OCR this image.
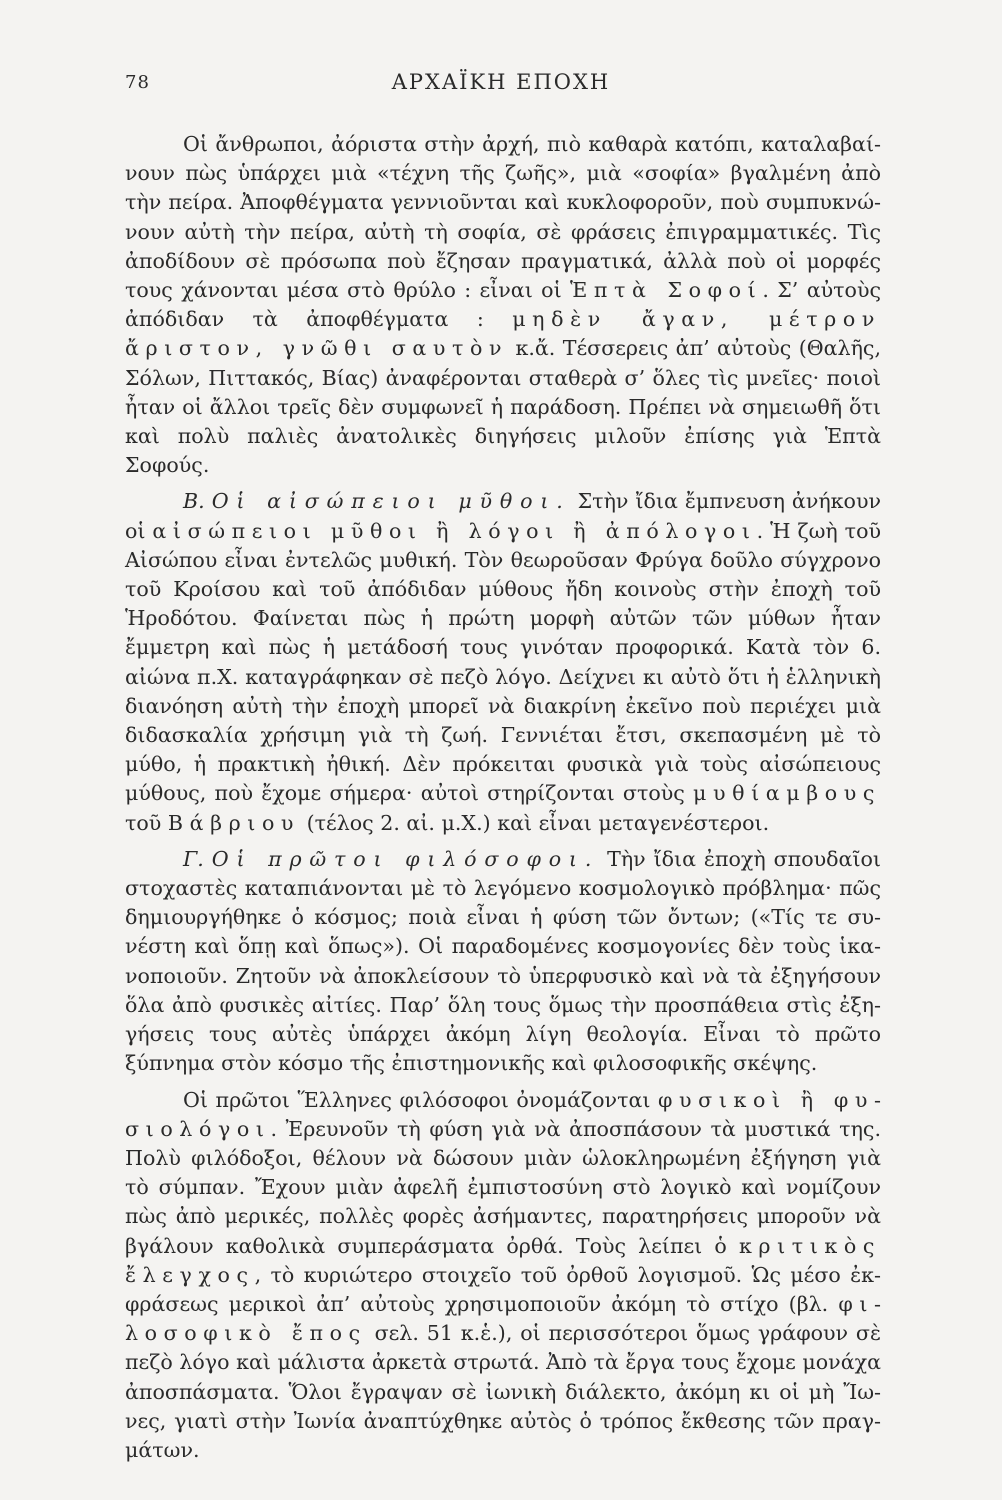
78	ΑΡΧΑΪΚΗ ΕΠΟΧΗ

Οἱ ἄνθρωποι, ἀόριστα στὴν ἀρχή, πιὸ καθαρὰ κατόπι, καταλαβαίνουν πὼς ὑπάρχει μιὰ «τέχνη τῆς ζωῆς», μιὰ «σοφία» βγαλμένη ἀπὸ τὴν πείρα. Ἀποφθέγματα γεννιοῦνται καὶ κυκλοφοροῦν, ποὺ συμπυκνώνουν αὐτὴ τὴν πείρα, αὐτὴ τὴ σοφία, σὲ φράσεις ἐπιγραμματικές. Τὶς ἀποδίδουν σὲ πρόσωπα ποὺ ἔζησαν πραγματικά, ἀλλὰ ποὺ οἱ μορφές τους χάνονται μέσα στὸ θρύλο : εἶναι οἱ Ἑπτὰ Σοφοί. Σ’ αὐτοὺς ἀπόδιδαν τὰ ἀποφθέγματα : μηδὲν ἄγαν, μέτρον ἄριστον, γνῶθι σαυτὸν κ.ἄ. Τέσσερεις ἀπ’ αὐτοὺς (Θαλῆς, Σόλων, Πιττακός, Βίας) ἀναφέρονται σταθερὰ σ’ ὅλες τὶς μνεῖες· ποιοὶ ἦταν οἱ ἄλλοι τρεῖς δὲν συμφωνεῖ ἡ παράδοση. Πρέπει νὰ σημειωθῆ ὅτι καὶ πολὺ παλιὲς ἀνατολικὲς διηγήσεις μιλοῦν ἐπίσης γιὰ Ἑπτὰ Σοφούς.

Β. Οἱ αἰσώπειοι μῦθοι. Στὴν ἴδια ἔμπνευση ἀνήκουν οἱ αἰσώπειοι μῦθοι ἢ λόγοι ἢ ἀπόλογοι. Ἡ ζωὴ τοῦ Αἰσώπου εἶναι ἐντελῶς μυθική. Τὸν θεωροῦσαν Φρύγα δοῦλο σύγχρονο τοῦ Κροίσου καὶ τοῦ ἀπόδιδαν μύθους ἤδη κοινοὺς στὴν ἐποχὴ τοῦ Ἡροδότου. Φαίνεται πὼς ἡ πρώτη μορφὴ αὐτῶν τῶν μύθων ἦταν ἔμμετρη καὶ πὼς ἡ μετάδοσή τους γινόταν προφορικά. Κατὰ τὸν 6. αἰώνα π.Χ. καταγράφηκαν σὲ πεζὸ λόγο. Δείχνει κι αὐτὸ ὅτι ἡ ἑλληνικὴ διανόηση αὐτὴ τὴν ἐποχὴ μπορεῖ νὰ διακρίνη ἐκεῖνο ποὺ περιέχει μιὰ διδασκαλία χρήσιμη γιὰ τὴ ζωή. Γεννιέται ἔτσι, σκεπασμένη μὲ τὸ μύθο, ἡ πρακτικὴ ἠθική. Δὲν πρόκειται φυσικὰ γιὰ τοὺς αἰσώπειους μύθους, ποὺ ἔχομε σήμερα· αὐτοὶ στηρίζονται στοὺς μυθίαμβους τοῦ Βάβριου (τέλος 2. αἰ. μ.Χ.) καὶ εἶναι μεταγενέστεροι.

Γ. Οἱ πρῶτοι φιλόσοφοι. Τὴν ἴδια ἐποχὴ σπουδαῖοι στοχαστὲς καταπιάνονται μὲ τὸ λεγόμενο κοσμολογικὸ πρόβλημα· πῶς δημιουργήθηκε ὁ κόσμος; ποιὰ εἶναι ἡ φύση τῶν ὄντων; («Τίς τε συνέστη καὶ ὅπῃ καὶ ὅπως»). Οἱ παραδομένες κοσμογονίες δὲν τοὺς ἱκανοποιοῦν. Ζητοῦν νὰ ἀποκλείσουν τὸ ὑπερφυσικὸ καὶ νὰ τὰ ἐξηγήσουν ὅλα ἀπὸ φυσικὲς αἰτίες. Παρ’ ὅλη τους ὅμως τὴν προσπάθεια στὶς ἐξηγήσεις τους αὐτὲς ὑπάρχει ἀκόμη λίγη θεολογία. Εἶναι τὸ πρῶτο ξύπνημα στὸν κόσμο τῆς ἐπιστημονικῆς καὶ φιλοσοφικῆς σκέψης.

Οἱ πρῶτοι Ἕλληνες φιλόσοφοι ὀνομάζονται φυσικοὶ ἢ φυσιολόγοι. Ἐρευνοῦν τὴ φύση γιὰ νὰ ἀποσπάσουν τὰ μυστικά της. Πολὺ φιλόδοξοι, θέλουν νὰ δώσουν μιὰν ὡλοκληρωμένη ἐξήγηση γιὰ τὸ σύμπαν. Ἔχουν μιὰν ἀφελῆ ἐμπιστοσύνη στὸ λογικὸ καὶ νομίζουν πὼς ἀπὸ μερικές, πολλὲς φορὲς ἀσήμαντες, παρατηρήσεις μποροῦν νὰ βγάλουν καθολικὰ συμπεράσματα ὀρθά. Τοὺς λείπει ὁ κριτικὸς ἔλεγχος, τὸ κυριώτερο στοιχεῖο τοῦ ὀρθοῦ λογισμοῦ. Ὡς μέσο ἐκφράσεως μερικοὶ ἀπ’ αὐτοὺς χρησιμοποιοῦν ἀκόμη τὸ στίχο (βλ. φιλοσοφικὸ ἔπος σελ. 51 κ.ἑ.), οἱ περισσότεροι ὅμως γράφουν σὲ πεζὸ λόγο καὶ μάλιστα ἀρκετὰ στρωτά. Ἀπὸ τὰ ἔργα τους ἔχομε μονάχα ἀποσπάσματα. Ὅλοι ἔγραψαν σὲ ἰωνικὴ διάλεκτο, ἀκόμη κι οἱ μὴ Ἴωνες, γιατὶ στὴν Ἰωνία ἀναπτύχθηκε αὐτὸς ὁ τρόπος ἔκθεσης τῶν πραγμάτων.
